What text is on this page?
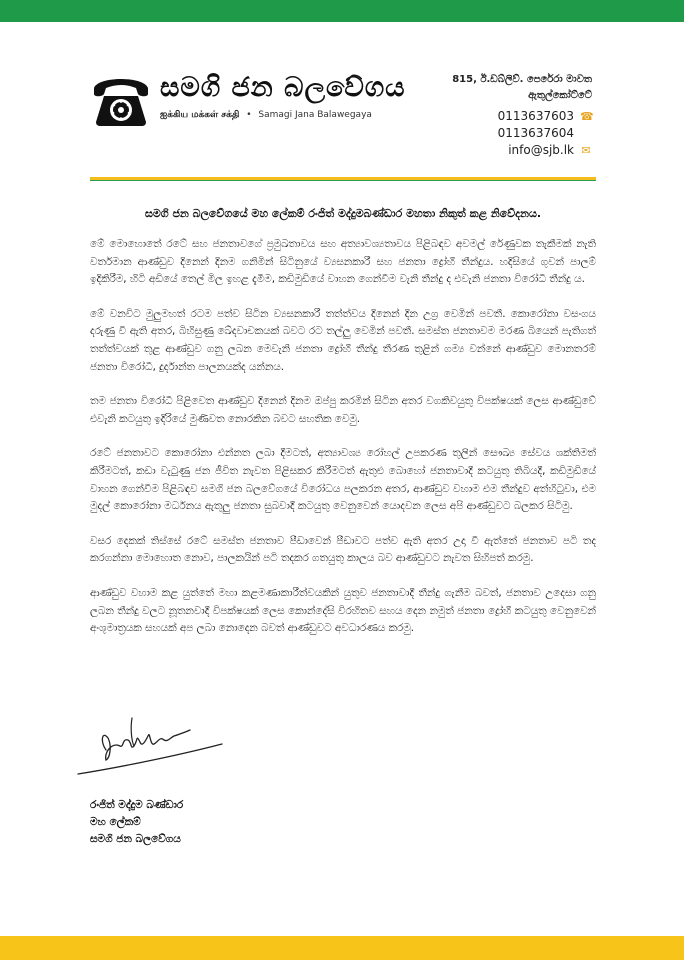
සමගි ජන බලවේගය
ஐக்கிய மக்கள் சக்தி • Samagi Jana Balawegaya
815, ඊ.ඩබ්ලිව්. පෙරේරා මාවත
ඇතුල්කෝට්ටේ
0113637603 ☎
0113637604
info@sjb.lk ✉
සමගි ජන බලවේගයේ මහ ලේකම් රංජිත් මද්දුමබණ්ඩාර මහතා නිකුත් කළ නිවේදනය.

මේ මොහොතේ රටේ සහ ජනතාවගේ ප්‍රමුඛතාවය සහ අත්‍යාවශ්‍යතාවය පිළිබඳව අවමල් රේණුවක තැකීමක් නැති වර්තමාන ආණ්ඩුව දිනෙන් දිනම ගනිමින් සිටිනුයේ ව්‍යසනකාරී සහ ජනතා ද්‍රෝහී තීන්දුය. හදිසියේ ගුවන් පාලම් ඉදිකිරීම, හිටි අඩියේ තෙල් මිල ඉහළ දැමීම, කඩිමුඩියේ වාහන ගෙන්වීම වැනි තීන්දු ද එවැනි ජනතා විරෝධී තීන්දු ය.

මේ වනවිට මුලුමහත් රටම පත්ව සිටින ව්‍යසනකාරී තත්ත්වය දිනෙන් දින උග්‍ර වෙමින් පවතී. කොරෝනා වසංගය දරුණු වී ඇති අතර, බිහිසුණු ඛේදවාචකයක් බවට රට තල්ලු වෙමින් පවතී. සමස්ත ජනතාවම මරණ බියෙන් පැතිගත් තත්ත්වයක් තුළ ආණ්ඩුව ගනු ලබන මෙවැනි ජනතා ද්‍රෝහී තීන්දු තීරණ තුළින් ගම්‍ය වන්නේ ආණ්ඩුව මොනතරම් ජනතා විරෝධී, දුර්දාන්ත පාලනයක්ද යන්නය.

තම ජනතා විරෝධී පිළිවෙත ආණ්ඩුව දිනෙන් දිනම ඔප්පු කරමින් සිටින අතර වගකිවයුතු විපක්ෂයක් ලෙස ආණ්ඩුවේ එවැනි කටයුතු ඉදිරියේ මුණිවත නොරකින බවට සහතික වෙමු.

රටේ ජනතාවට කොරෝනා එන්නත ලබා දීමටත්, අත්‍යාවශ්‍ය රෝහල් උපකරණ තුලින් සෞඛ්‍ය සේවය ශක්තිමත් කිරීමටත්, කඩා වැටුණු ජන ජීවිත නැවත පිළිසකර කිරීමටත් ඇතුළු බොහෝ ජනතාවාදී කටයුතු තිබියදී, කඩිමුඩියේ වාහන ගෙන්වීම පිළිබඳව සමගි ජන බලවේගයේ විරෝධය පලකරන අතර, ආණ්ඩුව වහාම එම තීන්දුව අත්හිටුවා, එම මුදල් කොරෝනා මර්ධනය ඇතුලු ජනතා සුබවාදී කටයුතු වෙනුවෙන් යොදවන ලෙස අපි ආණ්ඩුවට බලකර සිටිමු.

වසර දෙකක් තිස්සේ රටේ සමස්ත ජනතාව පීඩාවෙන් පීඩාවට පත්ව ඇති අතර උදා වී ඇත්තේ ජනතාව පටි තද කරගන්නා මොහොත නොව, පාලකයින් පටි තදකර ගතයුතු කාලය බව ආණ්ඩුවට නැවත සිහිපත් කරමු.

ආණ්ඩුව වහාම කළ යුත්තේ මහා කළමණාකාරීත්වයකින් යුතුව ජනතාවාදී තීන්දු ගැනීම බවත්, ජනතාව උදෙසා ගනු ලබන තීන්දු වලට නූතනවාදී විපක්ෂයක් ලෙස කොන්දේසි විරහිතව සහය දෙන නමුත් ජනතා ද්‍රෝහී කටයුතු වෙනුවෙන් අංශුමාත්‍රයක සහයක් අප ලබා නොදෙන බවත් ආණ්ඩුවට අවධාරණය කරමු.

රංජිත් මද්දුම බණ්ඩාර
මහ ලේකම්
සමගි ජන බලවේගය
